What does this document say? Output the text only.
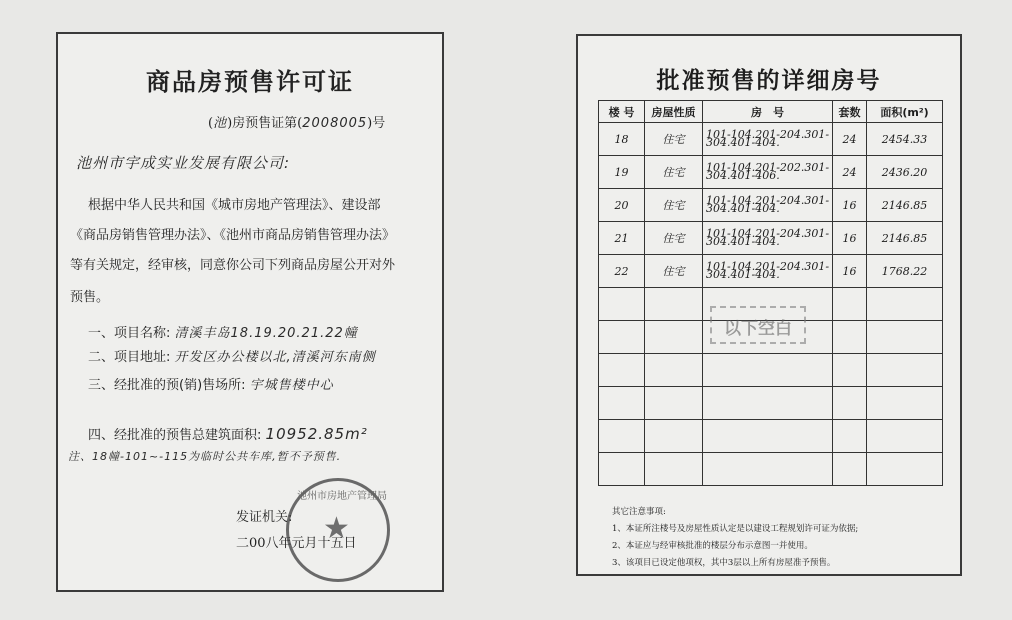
商品房预售许可证
(池)房预售证第(2008005)号
池州市宇成实业发展有限公司:
根据中华人民共和国《城市房地产管理法》、建设部
《商品房销售管理办法》、《池州市商品房销售管理办法》
等有关规定，经审核，同意你公司下列商品房屋公开对外
预售。
一、项目名称: 清溪丰岛18.19.20.21.22幢
二、项目地址: 开发区办公楼以北,清溪河东南侧
三、经批准的预(销)售场所: 宇城售楼中心
四、经批准的预售总建筑面积: 10952.85m²
注、18幢-101~-115为临时公共车库,暂不予预售.
发证机关:
二00八年元月十五日
池州市房地产管理局
★
批准预售的详细房号
楼 号	房屋性质	房　号	套数	面积(m²)
18	住宅	101-104.201-204.301-304.401-404.	24	2454.33
19	住宅	101-104.201-202.301-304.401-406.	24	2436.20
20	住宅	101-104.201-204.301-304.401-404.	16	2146.85
21	住宅	101-104.201-204.301-304.401-404.	16	2146.85
22	住宅	101-104.201-204.301-304.401-404.	16	1768.22

以下空白
其它注意事项:
1、本证所注楼号及房屋性质认定是以建设工程规划许可证为依据;
2、本证应与经审核批准的楼层分布示意图一并使用。
3、该项目已设定他项权，其中3层以上所有房屋准予预售。
